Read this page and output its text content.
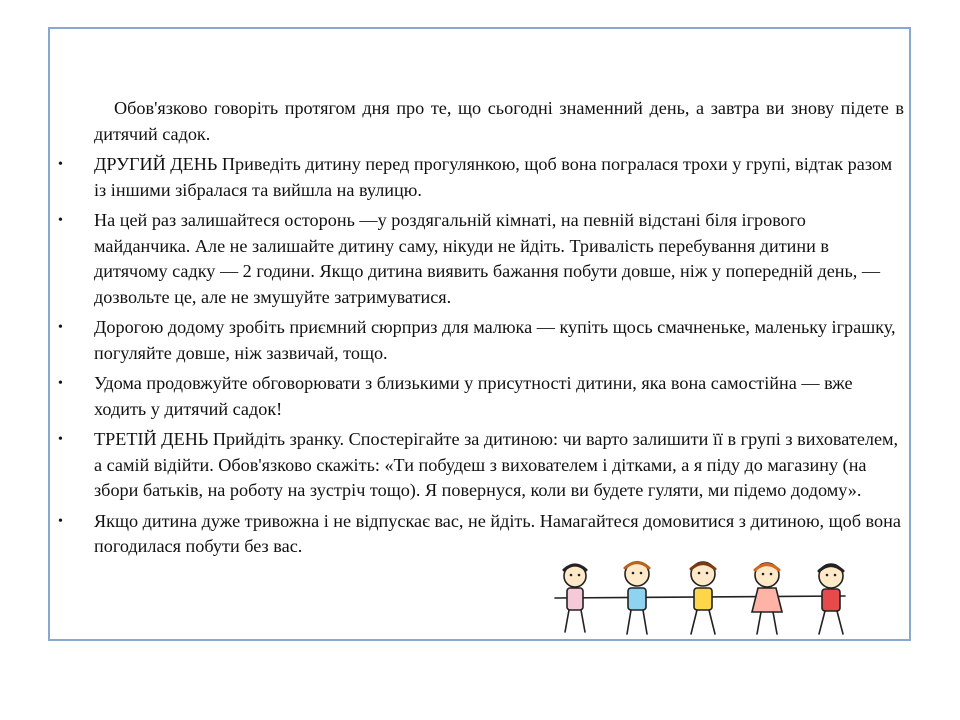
Обов'язково говоріть протягом дня про те, що сьогодні знаменний день, а завтра ви знову підете в дитячий садок.

• ДРУГИЙ ДЕНЬ Приведіть дитину перед прогулянкою, щоб вона погралася трохи у групі, відтак разом із іншими зібралася та вийшла на вулицю.
• На цей раз залишайтеся осторонь —у роздягальній кімнаті, на певній відстані біля ігрового майданчика. Але не залишайте дитину саму, нікуди не йдіть. Тривалість перебування дитини в дитячому садку — 2 години. Якщо дитина виявить бажання побути довше, ніж у попередній день, — дозвольте це, але не змушуйте затримуватися.
• Дорогою додому зробіть приємний сюрприз для малюка — купіть щось смачненьке, маленьку іграшку, погуляйте довше, ніж зазвичай, тощо.
• Удома продовжуйте обговорювати з близькими у присутності дитини, яка вона самостійна — вже ходить у дитячий садок!
• ТРЕТІЙ ДЕНЬ Прийдіть зранку. Спостерігайте за дитиною: чи варто залишити її в групі з вихователем, а самій відійти. Обов'язково скажіть: «Ти побудеш з вихователем і дітками, а я піду до магазину (на збори батьків, на роботу на зустріч тощо). Я повернуся, коли ви будете гуляти, ми підемо додому».
• Якщо дитина дуже тривожна і не відпускає вас, не йдіть. Намагайтеся домовитися з дитиною, щоб вона погодилася побути без вас.
